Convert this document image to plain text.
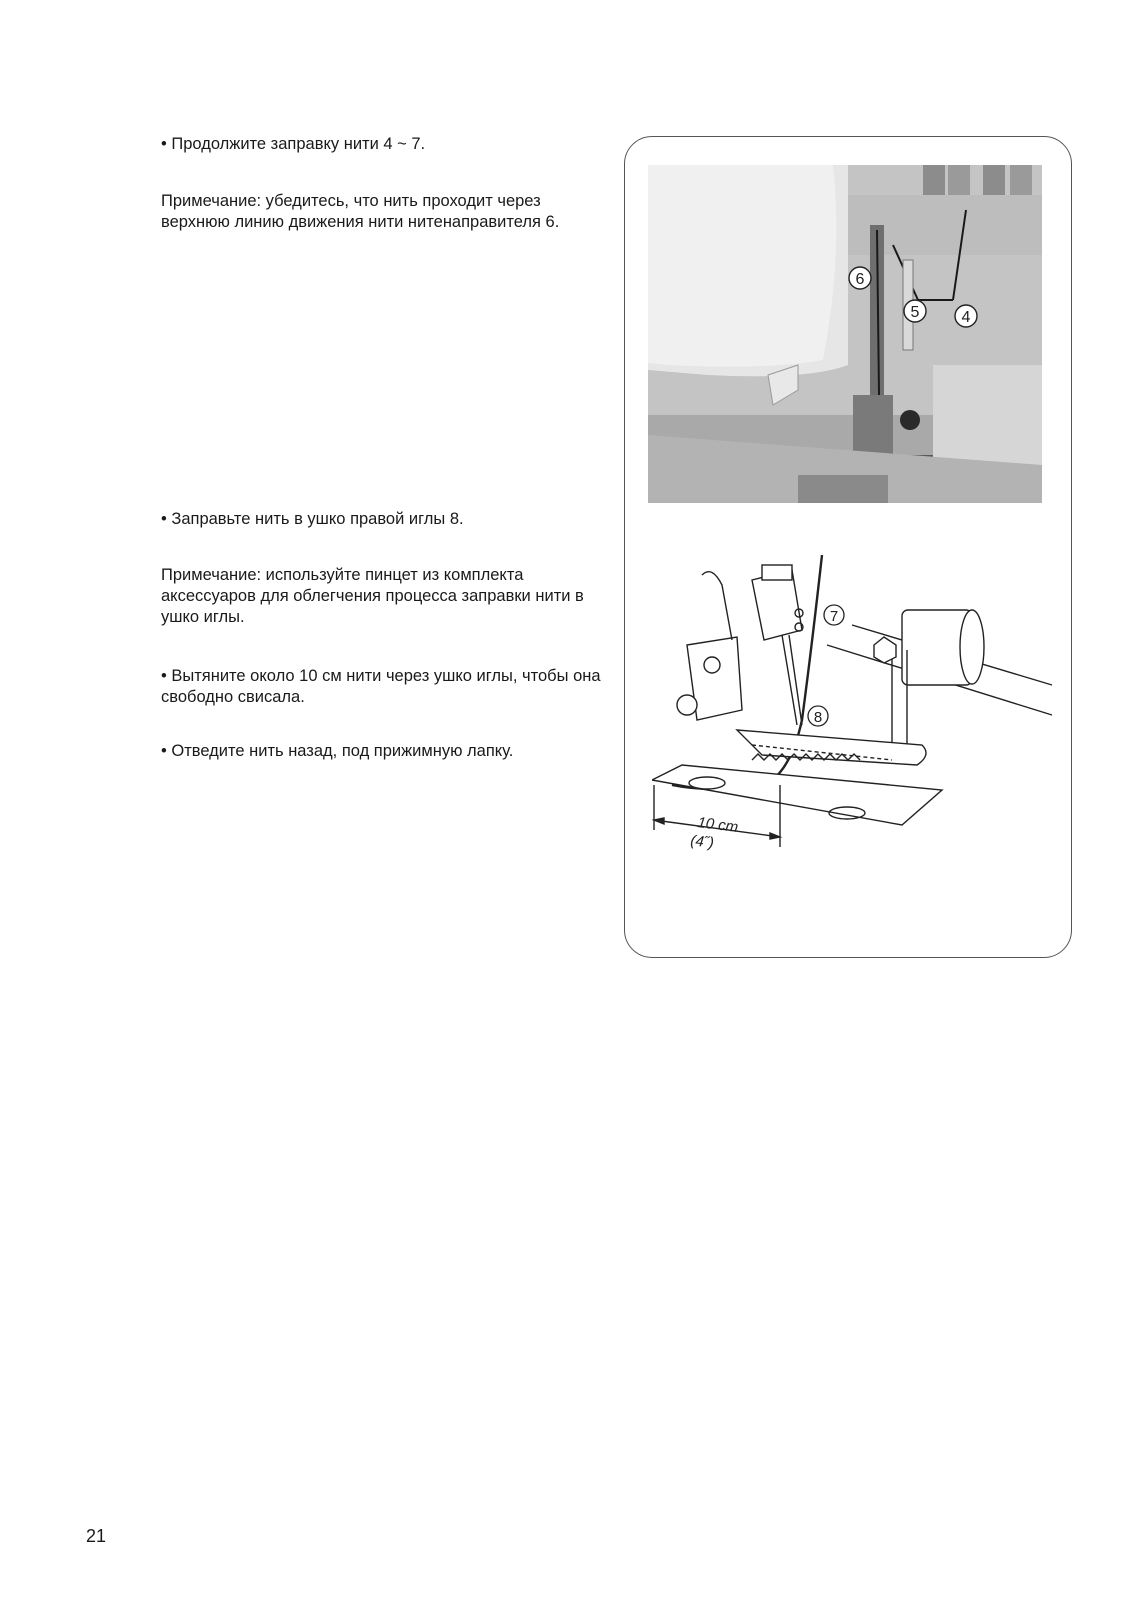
• Продолжите заправку нити 4 ~ 7.

Примечание: убедитесь, что нить проходит через верхнюю линию движения нити нитенаправителя 6.

• Заправьте нить в ушко правой иглы 8.

Примечание: используйте пинцет из комплекта аксессуаров для облегчения процесса заправки нити в ушко иглы.

• Вытяните около 10 см нити через ушко иглы, чтобы она свободно свисала.

• Отведите нить назад, под прижимную лапку.

6
5	4
7
8
10 cm
(4˝)
21
